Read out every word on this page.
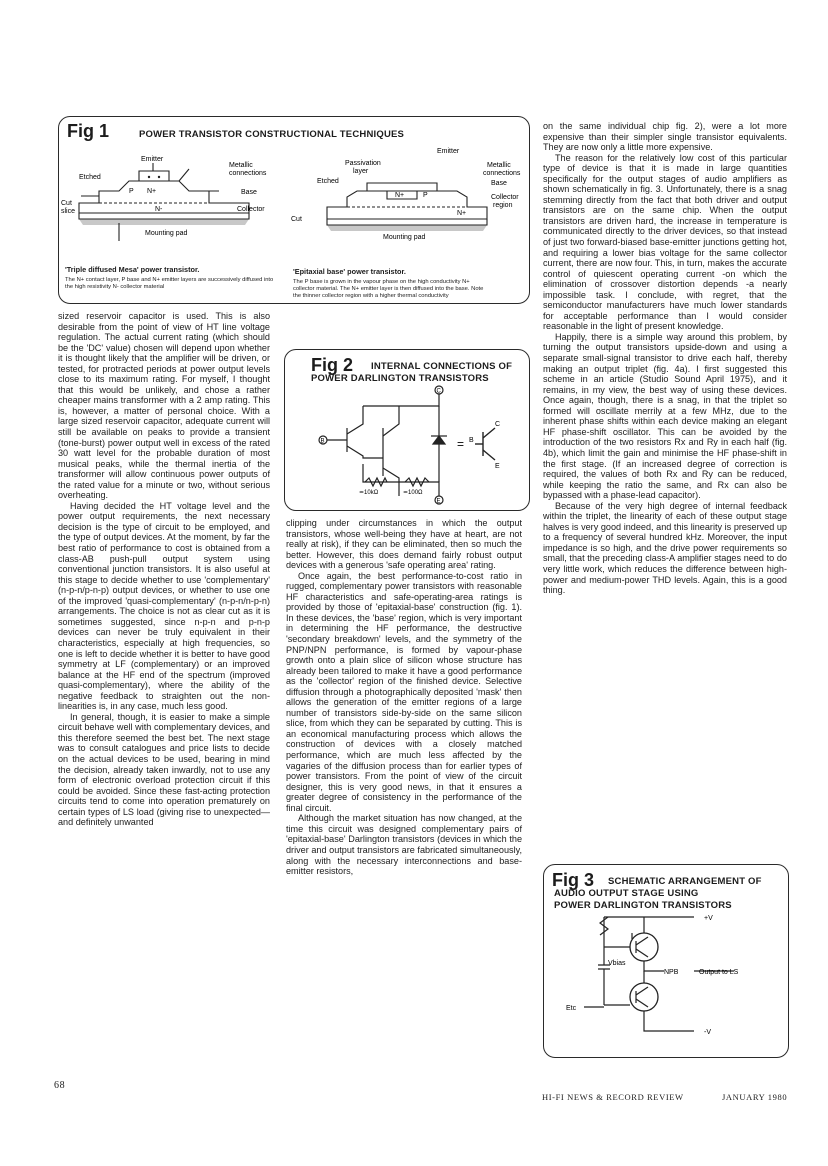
Fig 1	POWER TRANSISTOR CONSTRUCTIONAL TECHNIQUES
Emitter
Etched
Metallic
connections
Base
N+
N-
P
Cut
slice	Collector
Mounting pad
Passivation
layer
Etched
Emitter
Metallic
connections
Base
Collector
region
N+	P
N+
Cut
Mounting pad
'Triple diffused Mesa' power transistor.
The N+ contact layer, P base and N+ emitter layers are successively diffused into the high resistivity N- collector material
'Epitaxial base' power transistor.
The P base is grown in the vapour phase on the high conductivity N+ collector material. The N+ emitter layer is then diffused into the base. Note the thinner collector region with a higher thermal conductivity
Fig 2 INTERNAL CONNECTIONS OF
POWER DARLINGTON TRANSISTORS
C
B
E
≃10kΩ	≃100Ω
=
C
B
E
Fig 3 SCHEMATIC ARRANGEMENT OF
AUDIO OUTPUT STAGE USING
POWER DARLINGTON TRANSISTORS
Vbias
NPB	Output to LS
+V
-V
Etc

sized reservoir capacitor is used. This is also desirable from the point of view of HT line voltage regulation. The actual current rating (which should be the 'DC' value) chosen will depend upon whether it is thought likely that the amplifier will be driven, or tested, for protracted periods at power output levels close to its maximum rating. For myself, I thought that this would be unlikely, and chose a rather cheaper mains transformer with a 2 amp rating. This is, however, a matter of personal choice. With a large sized reservoir capacitor, adequate current will still be available on peaks to provide a transient (tone-burst) power output well in excess of the rated 30 watt level for the probable duration of most musical peaks, while the thermal inertia of the transformer will allow continuous power outputs of the rated value for a minute or two, without serious overheating.

Having decided the HT voltage level and the power output requirements, the next necessary decision is the type of circuit to be employed, and the type of output devices. At the moment, by far the best ratio of performance to cost is obtained from a class-AB push-pull output system using conventional junction transistors. It is also useful at this stage to decide whether to use 'complementary' (n-p-n/p-n-p) output devices, or whether to use one of the improved 'quasi-complementary' (n-p-n/n-p-n) arrangements. The choice is not as clear cut as it is sometimes suggested, since n-p-n and p-n-p devices can never be truly equivalent in their characteristics, especially at high frequencies, so one is left to decide whether it is better to have good symmetry at LF (complementary) or an improved balance at the HF end of the spectrum (improved quasi-complementary), where the ability of the negative feedback to straighten out the non-linearities is, in any case, much less good.

In general, though, it is easier to make a simple circuit behave well with complementary devices, and this therefore seemed the best bet. The next stage was to consult catalogues and price lists to decide on the actual devices to be used, bearing in mind the decision, already taken inwardly, not to use any form of electronic overload protection circuit if this could be avoided. Since these fast-acting protection circuits tend to come into operation prematurely on certain types of LS load (giving rise to unexpected—and definitely unwanted

clipping under circumstances in which the output transistors, whose well-being they have at heart, are not really at risk), if they can be eliminated, then so much the better. However, this does demand fairly robust output devices with a generous 'safe operating area' rating.

Once again, the best performance-to-cost ratio in rugged, complementary power transistors with reasonable HF characteristics and safe-operating-area ratings is provided by those of 'epitaxial-base' construction (fig. 1). In these devices, the 'base' region, which is very important in determining the HF performance, the destructive 'secondary breakdown' levels, and the symmetry of the PNP/NPN performance, is formed by vapour-phase growth onto a plain slice of silicon whose structure has already been tailored to make it have a good performance as the 'collector' region of the finished device. Selective diffusion through a photographically deposited 'mask' then allows the generation of the emitter regions of a large number of transistors side-by-side on the same silicon slice, from which they can be separated by cutting. This is an economical manufacturing process which allows the construction of devices with a closely matched performance, which are much less affected by the vagaries of the diffusion process than for earlier types of power transistors. From the point of view of the circuit designer, this is very good news, in that it ensures a greater degree of consistency in the performance of the final circuit.

Although the market situation has now changed, at the time this circuit was designed complementary pairs of 'epitaxial-base' Darlington transistors (devices in which the driver and output transistors are fabricated simultaneously, along with the necessary interconnections and base-emitter resistors,

on the same individual chip fig. 2), were a lot more expensive than their simpler single transistor equivalents. They are now only a little more expensive.

The reason for the relatively low cost of this particular type of device is that it is made in large quantities specifically for the output stages of audio amplifiers as shown schematically in fig. 3. Unfortunately, there is a snag stemming directly from the fact that both driver and output transistors are on the same chip. When the output transistors are driven hard, the increase in temperature is communicated directly to the driver devices, so that instead of just two forward-biased base-emitter junctions getting hot, and requiring a lower bias voltage for the same collector current, there are now four. This, in turn, makes the accurate control of quiescent operating current -on which the elimination of crossover distortion depends -a nearly impossible task. I conclude, with regret, that the semiconductor manufacturers have much lower standards for acceptable performance than I would consider reasonable in the light of present knowledge.

Happily, there is a simple way around this problem, by turning the output transistors upside-down and using a separate small-signal transistor to drive each half, thereby making an output triplet (fig. 4a). I first suggested this scheme in an article (Studio Sound April 1975), and it remains, in my view, the best way of using these devices. Once again, though, there is a snag, in that the triplet so formed will oscillate merrily at a few MHz, due to the inherent phase shifts within each device making an elegant HF phase-shift oscillator. This can be avoided by the introduction of the two resistors Rx and Ry in each half (fig. 4b), which limit the gain and minimise the HF phase-shift in the first stage. (If an increased degree of correction is required, the values of both Rx and Ry can be reduced, while keeping the ratio the same, and Rx can also be bypassed with a phase-lead capacitor).

Because of the very high degree of internal feedback within the triplet, the linearity of each of these output stage halves is very good indeed, and this linearity is preserved up to a frequency of several hundred kHz. Moreover, the input impedance is so high, and the drive power requirements so small, that the preceding class-A amplifier stages need to do very little work, which reduces the difference between high-power and medium-power THD levels. Again, this is a good thing.

68
HI-FI NEWS & RECORD REVIEW	JANUARY 1980
